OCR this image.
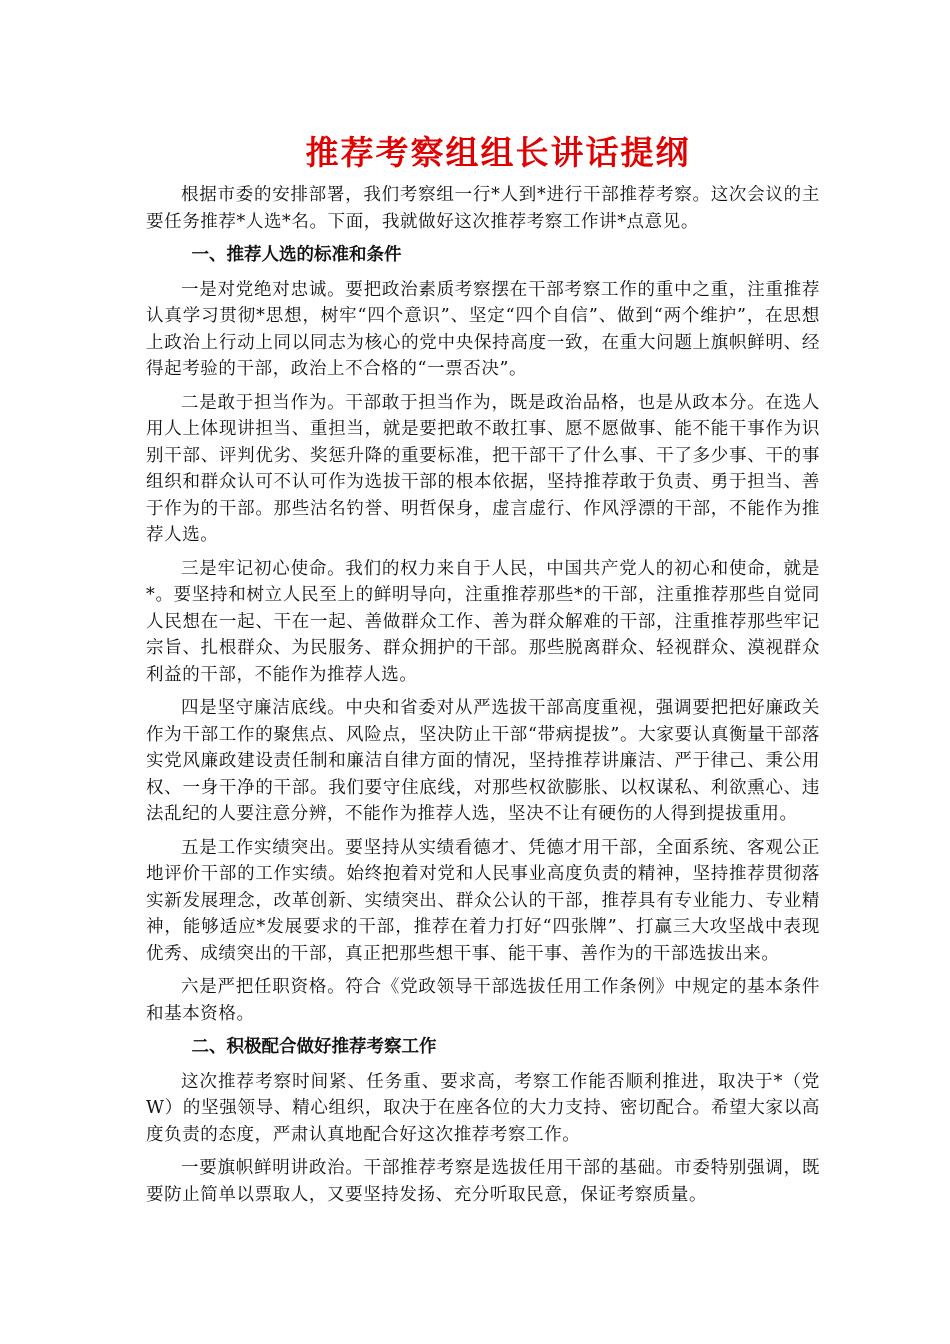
推荐考察组组长讲话提纲

根据市委的安排部署，我们考察组一行*人到*进行干部推荐考察。这次会议的主要任务推荐*人选*名。下面，我就做好这次推荐考察工作讲*点意见。

一、推荐人选的标准和条件

一是对党绝对忠诚。要把政治素质考察摆在干部考察工作的重中之重，注重推荐认真学习贯彻*思想，树牢“四个意识”、坚定“四个自信”、做到“两个维护”，在思想上政治上行动上同以同志为核心的党中央保持高度一致，在重大问题上旗帜鲜明、经得起考验的干部，政治上不合格的“一票否决”。

二是敢于担当作为。干部敢于担当作为，既是政治品格，也是从政本分。在选人用人上体现讲担当、重担当，就是要把敢不敢扛事、愿不愿做事、能不能干事作为识别干部、评判优劣、奖惩升降的重要标准，把干部干了什么事、干了多少事、干的事组织和群众认可不认可作为选拔干部的根本依据，坚持推荐敢于负责、勇于担当、善于作为的干部。那些沽名钓誉、明哲保身，虚言虚行、作风浮漂的干部，不能作为推荐人选。

三是牢记初心使命。我们的权力来自于人民，中国共产党人的初心和使命，就是*。要坚持和树立人民至上的鲜明导向，注重推荐那些*的干部，注重推荐那些自觉同人民想在一起、干在一起、善做群众工作、善为群众解难的干部，注重推荐那些牢记宗旨、扎根群众、为民服务、群众拥护的干部。那些脱离群众、轻视群众、漠视群众利益的干部，不能作为推荐人选。

四是坚守廉洁底线。中央和省委对从严选拔干部高度重视，强调要把把好廉政关作为干部工作的聚焦点、风险点，坚决防止干部“带病提拔”。大家要认真衡量干部落实党风廉政建设责任制和廉洁自律方面的情况，坚持推荐讲廉洁、严于律己、秉公用权、一身干净的干部。我们要守住底线，对那些权欲膨胀、以权谋私、利欲熏心、违法乱纪的人要注意分辨，不能作为推荐人选，坚决不让有硬伤的人得到提拔重用。

五是工作实绩突出。要坚持从实绩看德才、凭德才用干部，全面系统、客观公正地评价干部的工作实绩。始终抱着对党和人民事业高度负责的精神，坚持推荐贯彻落实新发展理念，改革创新、实绩突出、群众公认的干部，推荐具有专业能力、专业精神，能够适应*发展要求的干部，推荐在着力打好“四张牌”、打赢三大攻坚战中表现优秀、成绩突出的干部，真正把那些想干事、能干事、善作为的干部选拔出来。

六是严把任职资格。符合《党政领导干部选拔任用工作条例》中规定的基本条件和基本资格。

二、积极配合做好推荐考察工作

这次推荐考察时间紧、任务重、要求高，考察工作能否顺利推进，取决于*（党W）的坚强领导、精心组织，取决于在座各位的大力支持、密切配合。希望大家以高度负责的态度，严肃认真地配合好这次推荐考察工作。

一要旗帜鲜明讲政治。干部推荐考察是选拔任用干部的基础。市委特别强调，既要防止简单以票取人，又要坚持发扬、充分听取民意，保证考察质量。
